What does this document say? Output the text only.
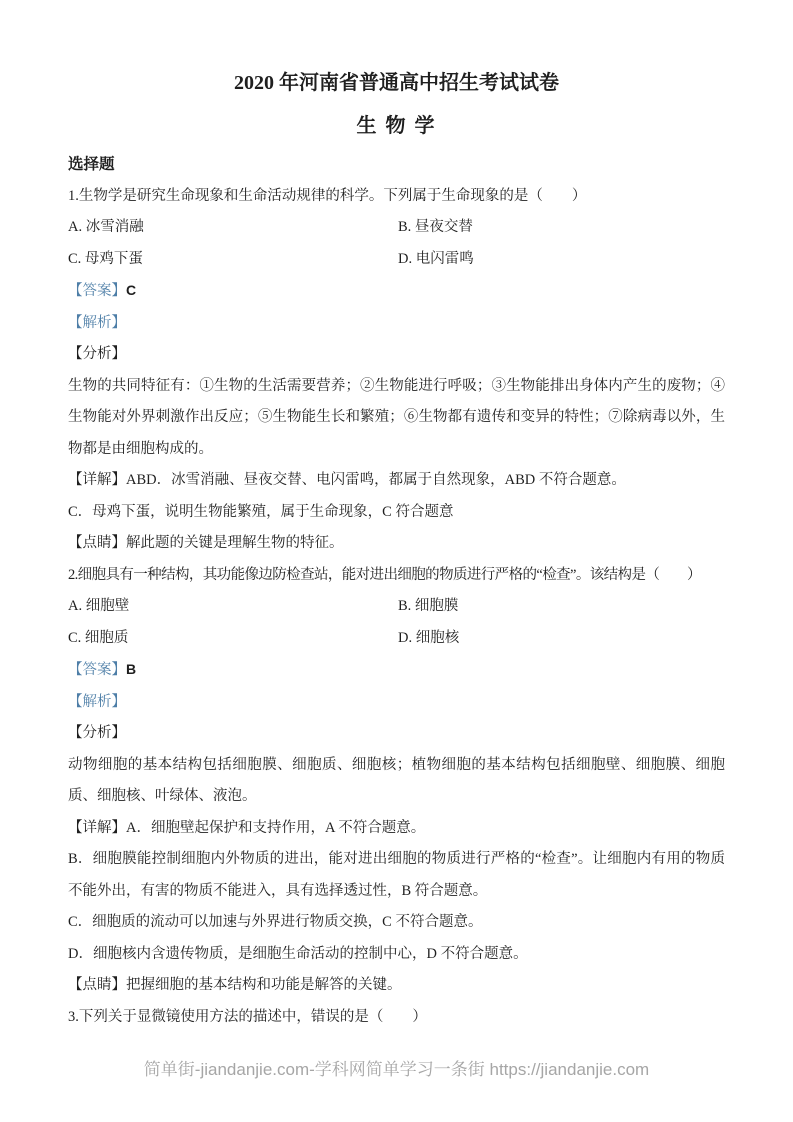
2020 年河南省普通高中招生考试试卷
生 物 学
选择题

1.生物学是研究生命现象和生命活动规律的科学。下列属于生命现象的是（　　）

A. 冰雪消融	B. 昼夜交替
C. 母鸡下蛋	D. 电闪雷鸣

【答案】C

【解析】

【分析】

生物的共同特征有：①生物的生活需要营养；②生物能进行呼吸；③生物能排出身体内产生的废物；④生物能对外界刺激作出反应；⑤生物能生长和繁殖；⑥生物都有遗传和变异的特性；⑦除病毒以外，生物都是由细胞构成的。

【详解】ABD．冰雪消融、昼夜交替、电闪雷鸣，都属于自然现象，ABD 不符合题意。

C．母鸡下蛋，说明生物能繁殖，属于生命现象，C 符合题意

【点睛】解此题的关键是理解生物的特征。

2.细胞具有一种结构，其功能像边防检查站，能对进出细胞的物质进行严格的“检查”。该结构是（　　）

A. 细胞壁	B. 细胞膜
C. 细胞质	D. 细胞核

【答案】B

【解析】

【分析】

动物细胞的基本结构包括细胞膜、细胞质、细胞核；植物细胞的基本结构包括细胞壁、细胞膜、细胞质、细胞核、叶绿体、液泡。

【详解】A．细胞壁起保护和支持作用，A 不符合题意。

B．细胞膜能控制细胞内外物质的进出，能对进出细胞的物质进行严格的“检查”。让细胞内有用的物质不能外出，有害的物质不能进入，具有选择透过性，B 符合题意。

C．细胞质的流动可以加速与外界进行物质交换，C 不符合题意。

D．细胞核内含遗传物质，是细胞生命活动的控制中心，D 不符合题意。

【点睛】把握细胞的基本结构和功能是解答的关键。

3.下列关于显微镜使用方法的描述中，错误的是（　　）

简单街-jiandanjie.com-学科网简单学习一条街 https://jiandanjie.com
